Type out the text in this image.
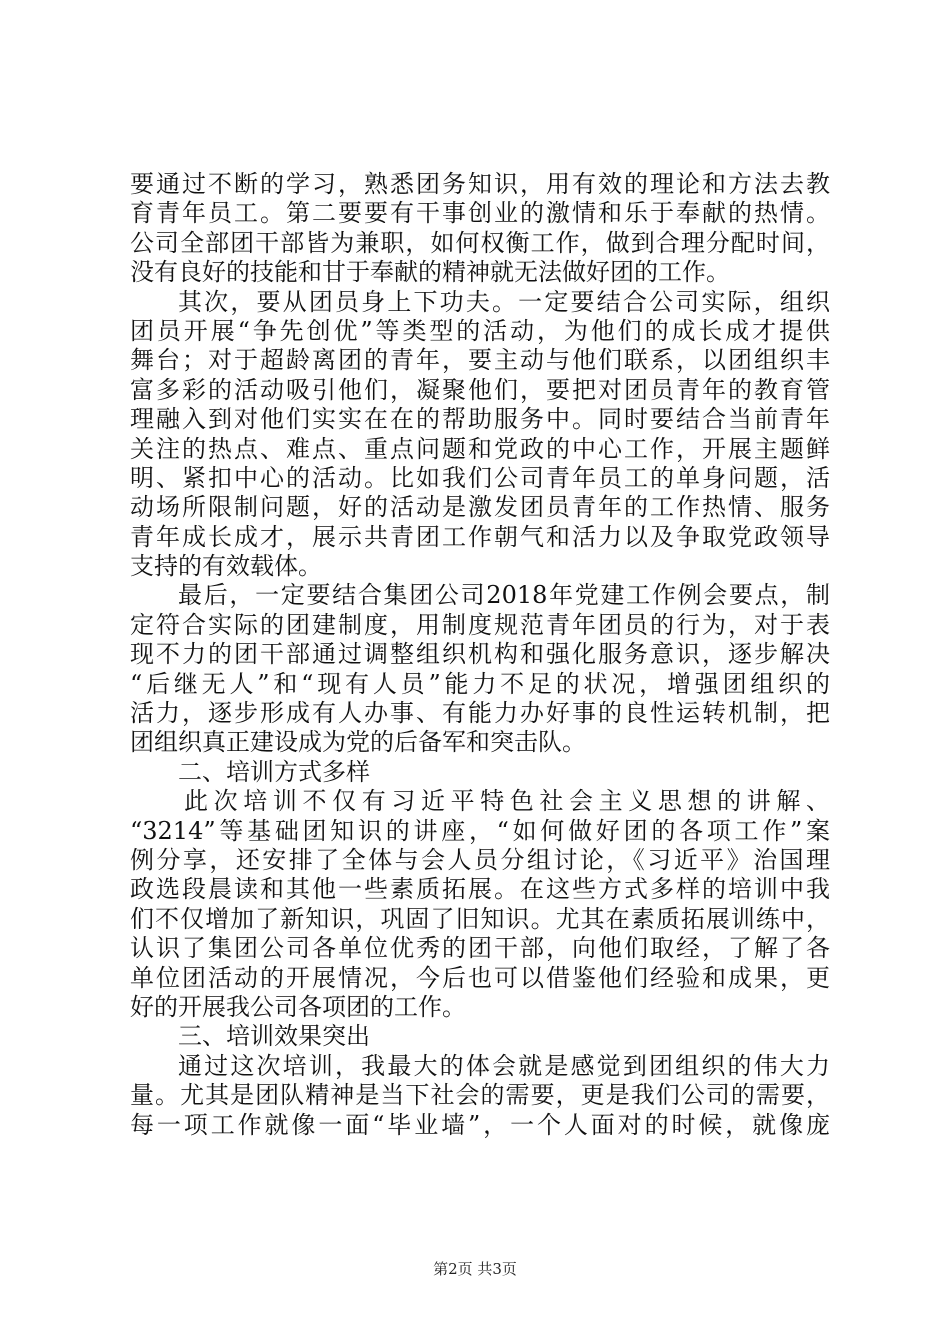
要通过不断的学习，熟悉团务知识，用有效的理论和方法去教
育青年员工。第二要要有干事创业的激情和乐于奉献的热情。
公司全部团干部皆为兼职，如何权衡工作，做到合理分配时间，
没有良好的技能和甘于奉献的精神就无法做好团的工作。
其次，要从团员身上下功夫。一定要结合公司实际，组织
团员开展“争先创优”等类型的活动，为他们的成长成才提供
舞台；对于超龄离团的青年，要主动与他们联系，以团组织丰
富多彩的活动吸引他们，凝聚他们，要把对团员青年的教育管
理融入到对他们实实在在的帮助服务中。同时要结合当前青年
关注的热点、难点、重点问题和党政的中心工作，开展主题鲜
明、紧扣中心的活动。比如我们公司青年员工的单身问题，活
动场所限制问题，好的活动是激发团员青年的工作热情、服务
青年成长成才，展示共青团工作朝气和活力以及争取党政领导
支持的有效载体。
最后，一定要结合集团公司2018年党建工作例会要点，制
定符合实际的团建制度，用制度规范青年团员的行为，对于表
现不力的团干部通过调整组织机构和强化服务意识，逐步解决
“后继无人”和“现有人员”能力不足的状况，增强团组织的
活力，逐步形成有人办事、有能力办好事的良性运转机制，把
团组织真正建设成为党的后备军和突击队。
二、培训方式多样
此次培训不仅有习近平特色社会主义思想的讲解、
“3214”等基础团知识的讲座，“如何做好团的各项工作”案
例分享，还安排了全体与会人员分组讨论，《习近平》治国理
政选段晨读和其他一些素质拓展。在这些方式多样的培训中我
们不仅增加了新知识，巩固了旧知识。尤其在素质拓展训练中，
认识了集团公司各单位优秀的团干部，向他们取经，了解了各
单位团活动的开展情况，今后也可以借鉴他们经验和成果，更
好的开展我公司各项团的工作。
三、培训效果突出
通过这次培训，我最大的体会就是感觉到团组织的伟大力
量。尤其是团队精神是当下社会的需要，更是我们公司的需要，
每一项工作就像一面“毕业墙”，一个人面对的时候，就像庞
第2页 共3页
